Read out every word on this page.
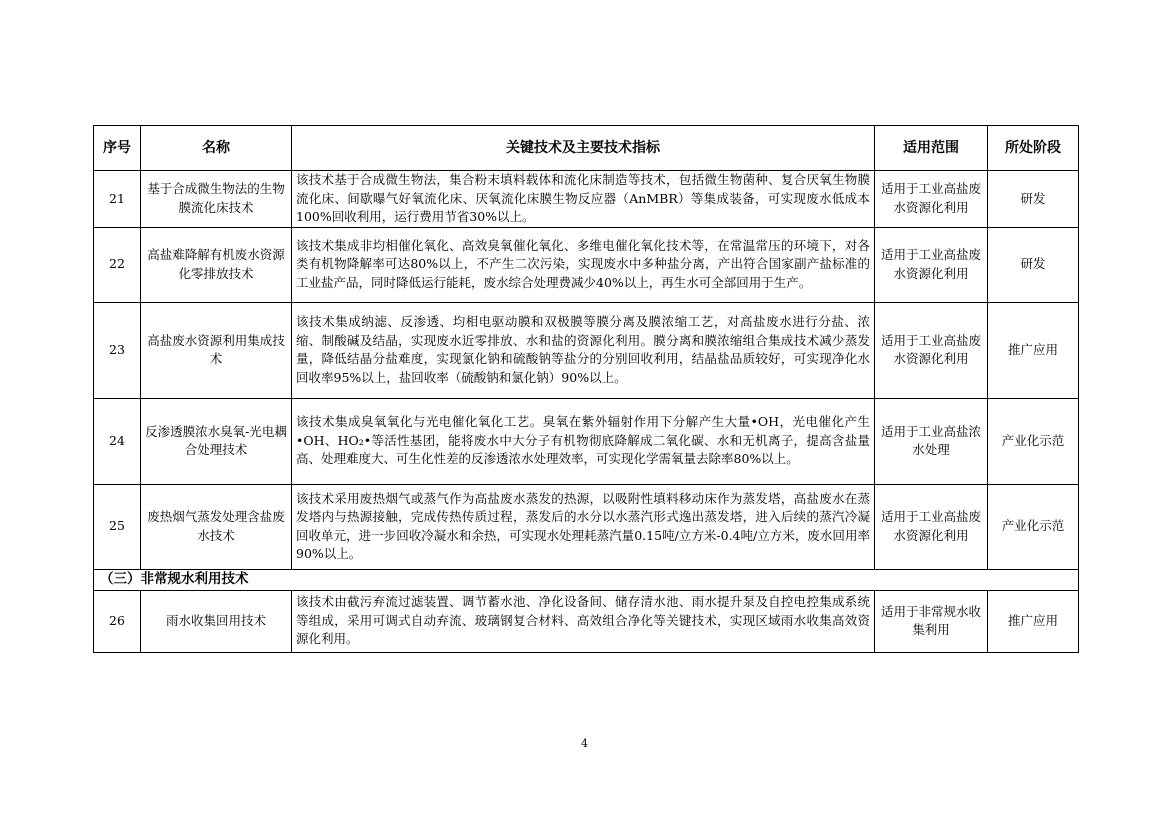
序号	名称	关键技术及主要技术指标	适用范围	所处阶段
21	基于合成微生物法的生物膜流化床技术	该技术基于合成微生物法，集合粉末填料载体和流化床制造等技术，包括微生物菌种、复合厌氧生物膜流化床、间歇曝气好氧流化床、厌氧流化床膜生物反应器（AnMBR）等集成装备，可实现废水低成本100%回收利用，运行费用节省30%以上。	适用于工业高盐废水资源化利用	研发
22	高盐难降解有机废水资源化零排放技术	该技术集成非均相催化氧化、高效臭氧催化氧化、多维电催化氧化技术等，在常温常压的环境下，对各类有机物降解率可达80%以上，不产生二次污染，实现废水中多种盐分离，产出符合国家副产盐标准的工业盐产品，同时降低运行能耗，废水综合处理费减少40%以上，再生水可全部回用于生产。	适用于工业高盐废水资源化利用	研发
23	高盐废水资源利用集成技术	该技术集成纳滤、反渗透、均相电驱动膜和双极膜等膜分离及膜浓缩工艺，对高盐废水进行分盐、浓缩、制酸碱及结晶，实现废水近零排放、水和盐的资源化利用。膜分离和膜浓缩组合集成技术减少蒸发量，降低结晶分盐难度，实现氯化钠和硫酸钠等盐分的分别回收利用，结晶盐品质较好，可实现净化水回收率95%以上，盐回收率（硫酸钠和氯化钠）90%以上。	适用于工业高盐废水资源化利用	推广应用
24	反渗透膜浓水臭氧-光电耦合处理技术	该技术集成臭氧氧化与光电催化氧化工艺。臭氧在紫外辐射作用下分解产生大量•OH，光电催化产生•OH、HO₂•等活性基团，能将废水中大分子有机物彻底降解成二氧化碳、水和无机离子，提高含盐量高、处理难度大、可生化性差的反渗透浓水处理效率，可实现化学需氧量去除率80%以上。	适用于工业高盐浓水处理	产业化示范
25	废热烟气蒸发处理含盐废水技术	该技术采用废热烟气或蒸气作为高盐废水蒸发的热源，以吸附性填料移动床作为蒸发塔，高盐废水在蒸发塔内与热源接触，完成传热传质过程，蒸发后的水分以水蒸汽形式逸出蒸发塔，进入后续的蒸汽冷凝回收单元，进一步回收冷凝水和余热，可实现水处理耗蒸汽量0.15吨/立方米-0.4吨/立方米，废水回用率90%以上。	适用于工业高盐废水资源化利用	产业化示范
（三）非常规水利用技术				
26	雨水收集回用技术	该技术由截污弃流过滤装置、调节蓄水池、净化设备间、储存清水池、雨水提升泵及自控电控集成系统等组成，采用可调式自动弃流、玻璃钢复合材料、高效组合净化等关键技术，实现区域雨水收集高效资源化利用。	适用于非常规水收集利用	推广应用
4
